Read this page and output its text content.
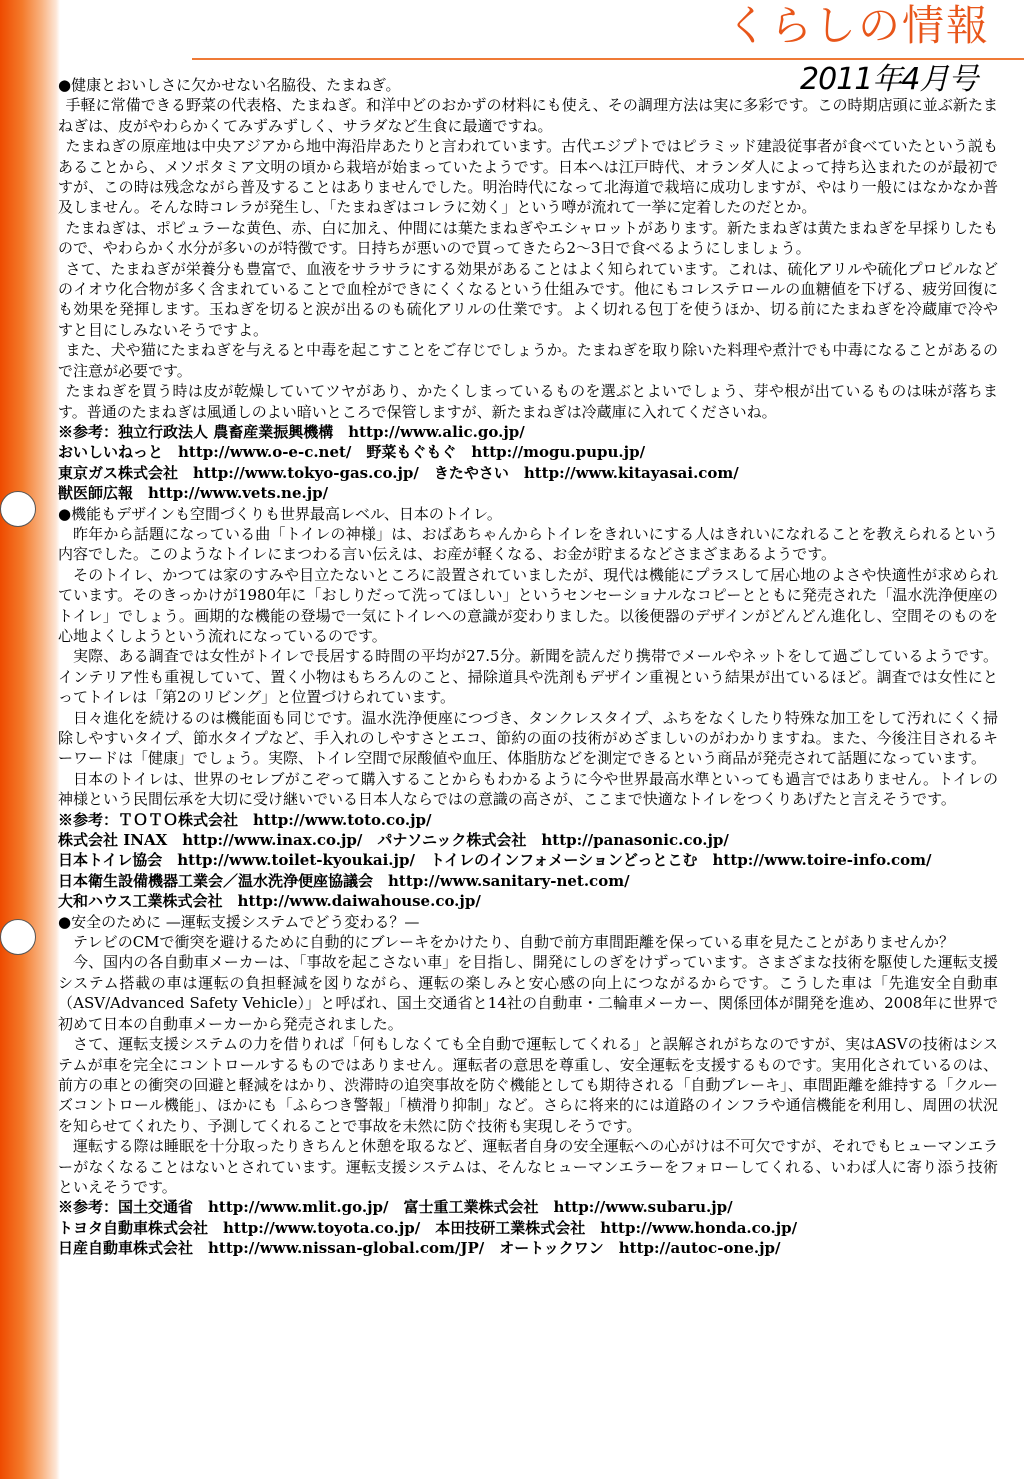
くらしの情報
2011年4月号

●健康とおいしさに欠かせない名脇役、たまねぎ。

手軽に常備できる野菜の代表格、たまねぎ。和洋中どのおかずの材料にも使え、その調理方法は実に多彩です。この時期店頭に並ぶ新たまねぎは、皮がやわらかくてみずみずしく、サラダなど生食に最適ですね。

たまねぎの原産地は中央アジアから地中海沿岸あたりと言われています。古代エジプトではピラミッド建設従事者が食べていたという説もあることから、メソポタミア文明の頃から栽培が始まっていたようです。日本へは江戸時代、オランダ人によって持ち込まれたのが最初ですが、この時は残念ながら普及することはありませんでした。明治時代になって北海道で栽培に成功しますが、やはり一般にはなかなか普及しません。そんな時コレラが発生し、「たまねぎはコレラに効く」という噂が流れて一挙に定着したのだとか。

たまねぎは、ポピュラーな黄色、赤、白に加え、仲間には葉たまねぎやエシャロットがあります。新たまねぎは黄たまねぎを早採りしたもので、やわらかく水分が多いのが特徴です。日持ちが悪いので買ってきたら2〜3日で食べるようにしましょう。

さて、たまねぎが栄養分も豊富で、血液をサラサラにする効果があることはよく知られています。これは、硫化アリルや硫化プロピルなどのイオウ化合物が多く含まれていることで血栓ができにくくなるという仕組みです。他にもコレステロールの血糖値を下げる、疲労回復にも効果を発揮します。玉ねぎを切ると涙が出るのも硫化アリルの仕業です。よく切れる包丁を使うほか、切る前にたまねぎを冷蔵庫で冷やすと目にしみないそうですよ。

また、犬や猫にたまねぎを与えると中毒を起こすことをご存じでしょうか。たまねぎを取り除いた料理や煮汁でも中毒になることがあるので注意が必要です。

たまねぎを買う時は皮が乾燥していてツヤがあり、かたくしまっているものを選ぶとよいでしょう、芽や根が出ているものは味が落ちます。普通のたまねぎは風通しのよい暗いところで保管しますが、新たまねぎは冷蔵庫に入れてくださいね。

※参考：独立行政法人 農畜産業振興機構　http://www.alic.go.jp/

おいしいねっと　http://www.o-e-c.net/　野菜もぐもぐ　http://mogu.pupu.jp/

東京ガス株式会社　http://www.tokyo-gas.co.jp/　きたやさい　http://www.kitayasai.com/

獣医師広報　http://www.vets.ne.jp/

●機能もデザインも空間づくりも世界最高レベル、日本のトイレ。

昨年から話題になっている曲「トイレの神様」は、おばあちゃんからトイレをきれいにする人はきれいになれることを教えられるという内容でした。このようなトイレにまつわる言い伝えは、お産が軽くなる、お金が貯まるなどさまざまあるようです。

そのトイレ、かつては家のすみや目立たないところに設置されていましたが、現代は機能にプラスして居心地のよさや快適性が求められています。そのきっかけが1980年に「おしりだって洗ってほしい」というセンセーショナルなコピーとともに発売された「温水洗浄便座のトイレ」でしょう。画期的な機能の登場で一気にトイレへの意識が変わりました。以後便器のデザインがどんどん進化し、空間そのものを心地よくしようという流れになっているのです。

実際、ある調査では女性がトイレで長居する時間の平均が27.5分。新聞を読んだり携帯でメールやネットをして過ごしているようです。インテリア性も重視していて、置く小物はもちろんのこと、掃除道具や洗剤もデザイン重視という結果が出ているほど。調査では女性にとってトイレは「第2のリビング」と位置づけられています。

日々進化を続けるのは機能面も同じです。温水洗浄便座につづき、タンクレスタイプ、ふちをなくしたり特殊な加工をして汚れにくく掃除しやすいタイプ、節水タイプなど、手入れのしやすさとエコ、節約の面の技術がめざましいのがわかりますね。また、今後注目されるキーワードは「健康」でしょう。実際、トイレ空間で尿酸値や血圧、体脂肪などを測定できるという商品が発売されて話題になっています。

日本のトイレは、世界のセレブがこぞって購入することからもわかるように今や世界最高水準といっても過言ではありません。トイレの神様という民間伝承を大切に受け継いでいる日本人ならではの意識の高さが、ここまで快適なトイレをつくりあげたと言えそうです。

※参考：ＴＯＴＯ株式会社　http://www.toto.co.jp/

株式会社 INAX　http://www.inax.co.jp/　パナソニック株式会社　http://panasonic.co.jp/

日本トイレ協会　http://www.toilet-kyoukai.jp/　トイレのインフォメーションどっとこむ　http://www.toire-info.com/

日本衛生設備機器工業会／温水洗浄便座協議会　http://www.sanitary-net.com/

大和ハウス工業株式会社　http://www.daiwahouse.co.jp/

●安全のために —運転支援システムでどう変わる？—

テレビのCMで衝突を避けるために自動的にブレーキをかけたり、自動で前方車間距離を保っている車を見たことがありませんか？

今、国内の各自動車メーカーは、「事故を起こさない車」を目指し、開発にしのぎをけずっています。さまざまな技術を駆使した運転支援システム搭載の車は運転の負担軽減を図りながら、運転の楽しみと安心感の向上につながるからです。こうした車は「先進安全自動車（ASV/Advanced Safety Vehicle）」と呼ばれ、国土交通省と14社の自動車・二輪車メーカー、関係団体が開発を進め、2008年に世界で初めて日本の自動車メーカーから発売されました。

さて、運転支援システムの力を借りれば「何もしなくても全自動で運転してくれる」と誤解されがちなのですが、実はASVの技術はシステムが車を完全にコントロールするものではありません。運転者の意思を尊重し、安全運転を支援するものです。実用化されているのは、前方の車との衝突の回避と軽減をはかり、渋滞時の追突事故を防ぐ機能としても期待される「自動ブレーキ」、車間距離を維持する「クルーズコントロール機能」、ほかにも「ふらつき警報」「横滑り抑制」など。さらに将来的には道路のインフラや通信機能を利用し、周囲の状況を知らせてくれたり、予測してくれることで事故を未然に防ぐ技術も実現しそうです。

運転する際は睡眠を十分取ったりきちんと休憩を取るなど、運転者自身の安全運転への心がけは不可欠ですが、それでもヒューマンエラーがなくなることはないとされています。運転支援システムは、そんなヒューマンエラーをフォローしてくれる、いわば人に寄り添う技術といえそうです。

※参考：国土交通省　http://www.mlit.go.jp/　富士重工業株式会社　http://www.subaru.jp/

トヨタ自動車株式会社　http://www.toyota.co.jp/　本田技研工業株式会社　http://www.honda.co.jp/

日産自動車株式会社　http://www.nissan-global.com/JP/　オートックワン　http://autoc-one.jp/
